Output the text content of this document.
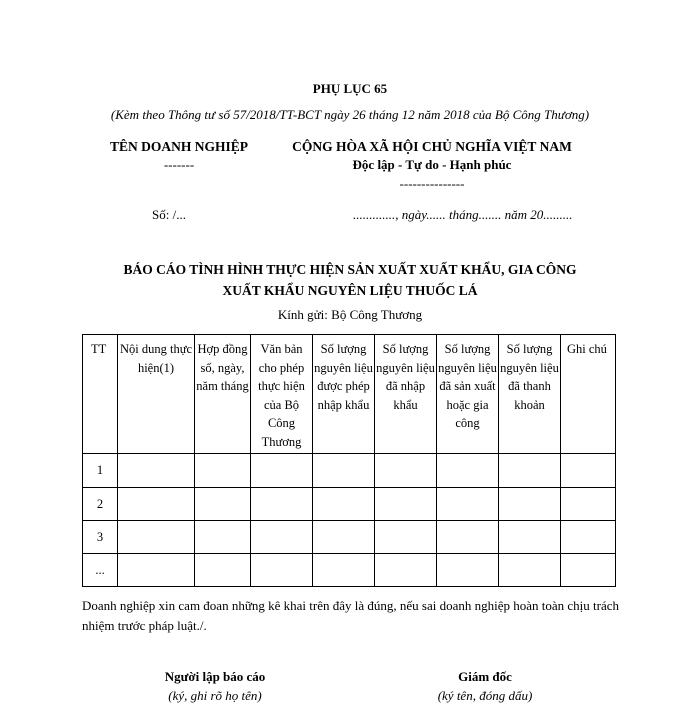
PHỤ LỤC 65
(Kèm theo Thông tư số 57/2018/TT-BCT ngày 26 tháng 12 năm 2018 của Bộ Công Thương)
TÊN DOANH NGHIỆP
-------
CỘNG HÒA XÃ HỘI CHỦ NGHĨA VIỆT NAM
Độc lập - Tự do - Hạnh phúc
---------------
Số: /...	............., ngày...... tháng....... năm 20.........
BÁO CÁO TÌNH HÌNH THỰC HIỆN SẢN XUẤT XUẤT KHẨU, GIA CÔNG
XUẤT KHẨU NGUYÊN LIỆU THUỐC LÁ
Kính gửi: Bộ Công Thương
TT	Nội dung thực hiện(1)	Hợp đồng số, ngày, năm tháng	Văn bản cho phép thực hiện của Bộ Công Thương	Số lượng nguyên liệu được phép nhập khẩu	Số lượng nguyên liệu đã nhập khẩu	Số lượng nguyên liệu đã sản xuất hoặc gia công	Số lượng nguyên liệu đã thanh khoản	Ghi chú
1								
2								
3								
...								
Doanh nghiệp xin cam đoan những kê khai trên đây là đúng, nếu sai doanh nghiệp hoàn toàn chịu trách nhiệm trước pháp luật./.
Người lập báo cáo
(ký, ghi rõ họ tên)
Giám đốc
(ký tên, đóng dấu)
